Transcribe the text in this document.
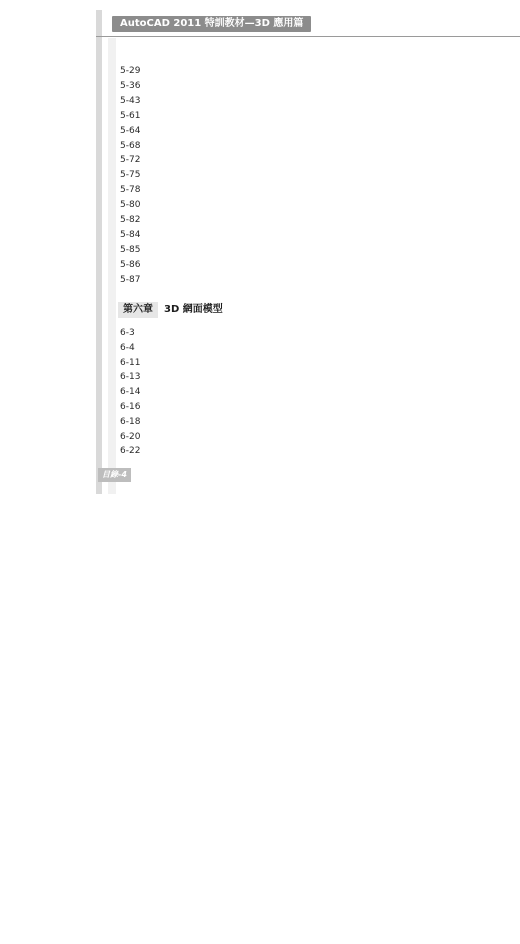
AutoCAD 2011 特訓教材—3D 應用篇
5-29
5-36
5-43
5-61
5-64
5-68
5-72
5-75
5-78
5-80
5-82
5-84
5-85
5-86
5-87
第六章	3D 網面模型
6-3
6-4
6-11
6-13
6-14
6-16
6-18
6-20
6-22
目錄-4
